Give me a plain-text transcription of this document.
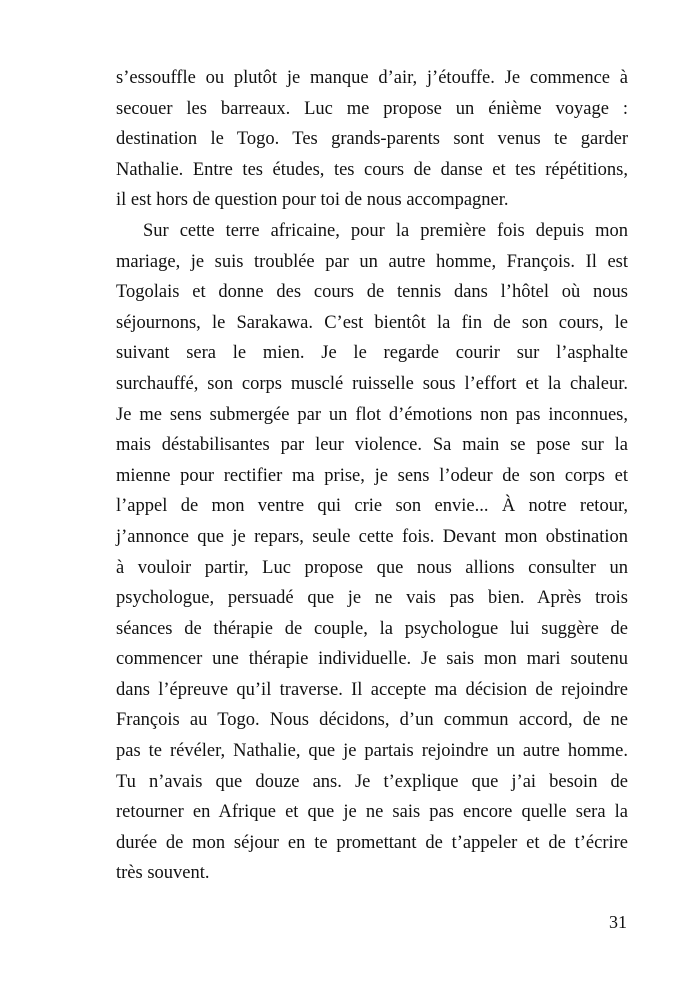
s’essouffle ou plutôt je manque d’air, j’étouffe. Je commence à
secouer les barreaux. Luc me propose un énième voyage :
destination le Togo. Tes grands-parents sont venus te garder
Nathalie. Entre tes études, tes cours de danse et tes répétitions,
il est hors de question pour toi de nous accompagner.
Sur cette terre africaine, pour la première fois depuis mon
mariage, je suis troublée par un autre homme, François. Il est
Togolais et donne des cours de tennis dans l’hôtel où nous
séjournons, le Sarakawa. C’est bientôt la fin de son cours, le
suivant sera le mien. Je le regarde courir sur l’asphalte
surchauffé, son corps musclé ruisselle sous l’effort et la chaleur.
Je me sens submergée par un flot d’émotions non pas inconnues,
mais déstabilisantes par leur violence. Sa main se pose sur la
mienne pour rectifier ma prise, je sens l’odeur de son corps et
l’appel de mon ventre qui crie son envie... À notre retour,
j’annonce que je repars, seule cette fois. Devant mon obstination
à vouloir partir, Luc propose que nous allions consulter un
psychologue, persuadé que je ne vais pas bien. Après trois
séances de thérapie de couple, la psychologue lui suggère de
commencer une thérapie individuelle. Je sais mon mari soutenu
dans l’épreuve qu’il traverse. Il accepte ma décision de rejoindre
François au Togo. Nous décidons, d’un commun accord, de ne
pas te révéler, Nathalie, que je partais rejoindre un autre homme.
Tu n’avais que douze ans. Je t’explique que j’ai besoin de
retourner en Afrique et que je ne sais pas encore quelle sera la
durée de mon séjour en te promettant de t’appeler et de t’écrire
très souvent.
31
